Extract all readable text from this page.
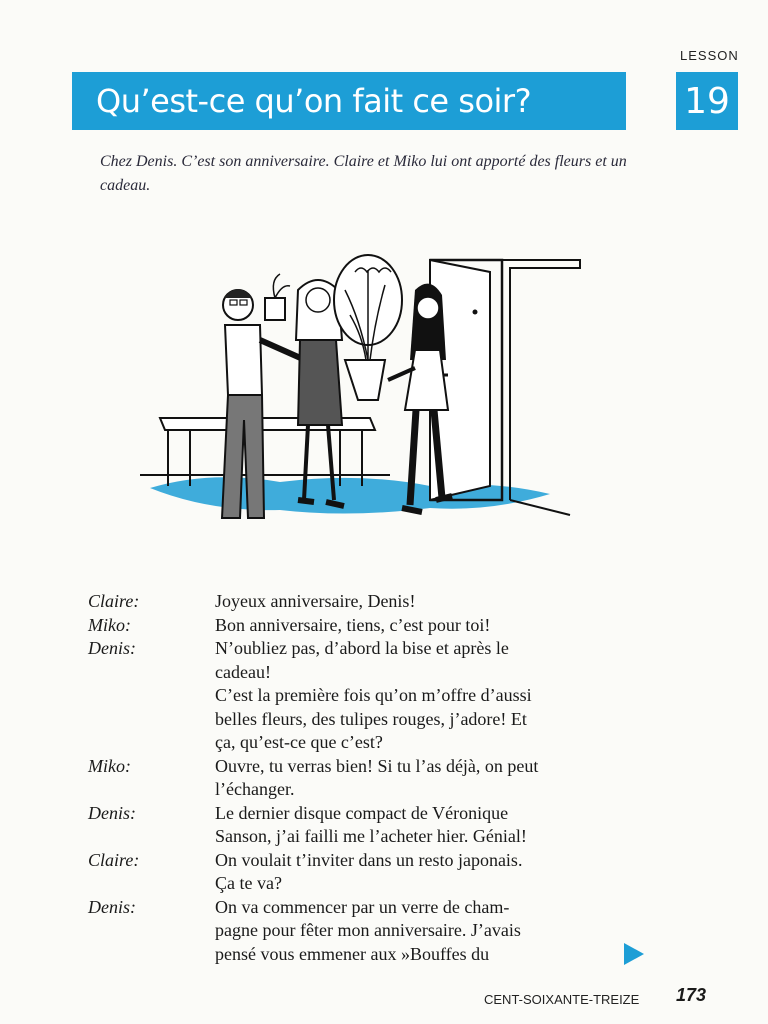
LESSON
Qu’est-ce qu’on fait ce soir?	19
Chez Denis. C’est son anniversaire. Claire et Miko lui ont apporté des fleurs et un cadeau.
Claire:	Joyeux anniversaire, Denis!
Miko:	Bon anniversaire, tiens, c’est pour toi!
Denis:	N’oubliez pas, d’abord la bise et après le
cadeau!
C’est la première fois qu’on m’offre d’aussi
belles fleurs, des tulipes rouges, j’adore! Et
ça, qu’est-ce que c’est?
Miko:	Ouvre, tu verras bien! Si tu l’as déjà, on peut
l’échanger.
Denis:	Le dernier disque compact de Véronique
Sanson, j’ai failli me l’acheter hier. Génial!
Claire:	On voulait t’inviter dans un resto japonais.
Ça te va?
Denis:	On va commencer par un verre de cham-
pagne pour fêter mon anniversaire. J’avais
pensé vous emmener aux »Bouffes du
CENT-SOIXANTE-TREIZE 173
